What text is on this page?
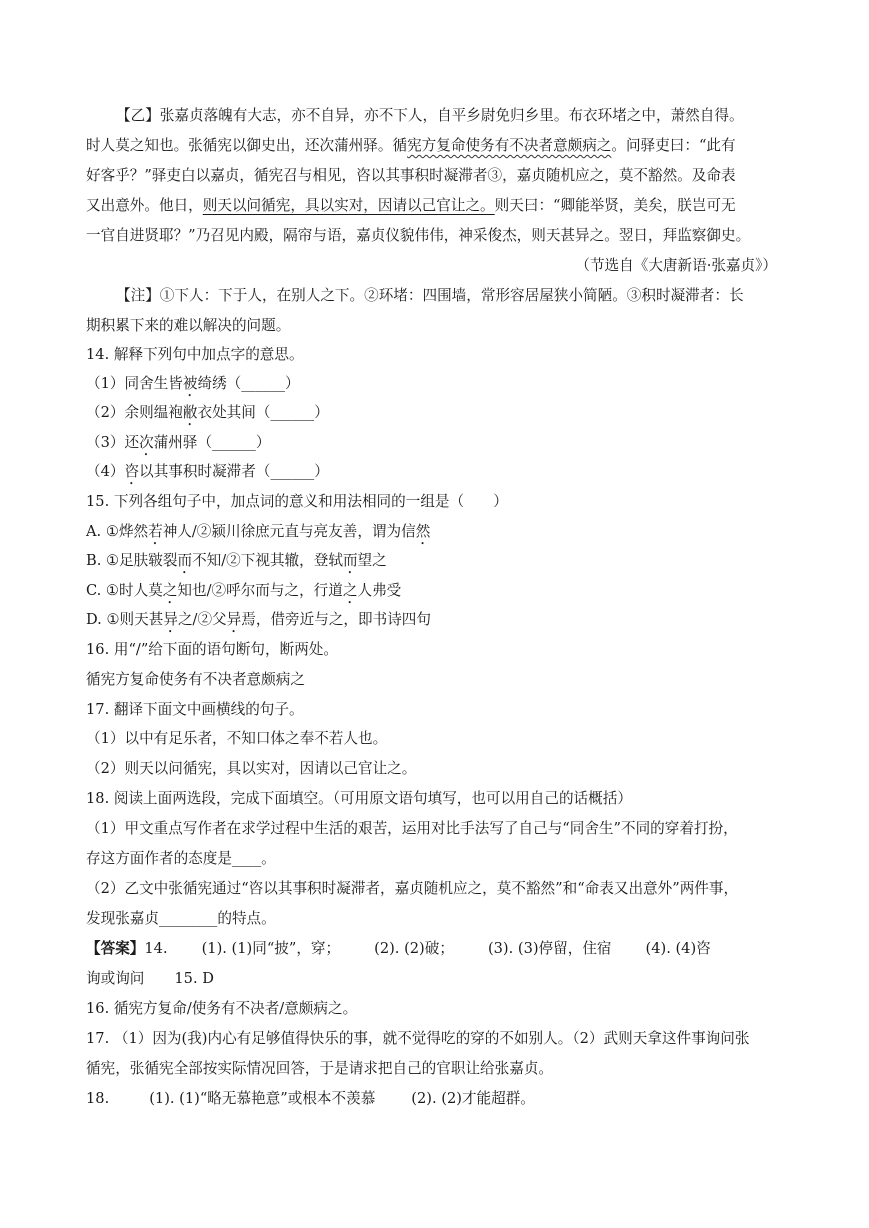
【乙】张嘉贞落魄有大志，亦不自异，亦不下人，自平乡尉免归乡里。布衣环堵之中，萧然自得。
时人莫之知也。张循宪以御史出，还次蒲州驿。循宪方复命使务有不决者意颇病之。问驿吏曰：“此有
好客乎？”驿吏白以嘉贞，循宪召与相见，咨以其事积时凝滞者③，嘉贞随机应之，莫不豁然。及命表
又出意外。他日，则天以问循宪，具以实对，因请以己官让之。则天曰：“卿能举贤，美矣，朕岂可无
一官自进贤耶？”乃召见内殿，隔帘与语，嘉贞仪貌伟伟，神采俊杰，则天甚异之。翌日，拜监察御史。
（节选自《大唐新语·张嘉贞》）
【注】①下人：下于人，在别人之下。②环堵：四围墙，常形容居屋狭小简陋。③积时凝滞者：长
期积累下来的难以解决的问题。
14. 解释下列句中加点字的意思。
（1）同舍生皆被绮绣（______）
（2）余则缊袍敝衣处其间（______）
（3）还次蒲州驿（______）
（4）咨以其事积时凝滞者（______）
15. 下列各组句子中，加点词的意义和用法相同的一组是（　　）
A. ①烨然若神人/②颍川徐庶元直与亮友善，谓为信然
B. ①足肤皲裂而不知/②下视其辙，登轼而望之
C. ①时人莫之知也/②呼尔而与之，行道之人弗受
D. ①则天甚异之/②父异焉，借旁近与之，即书诗四句
16. 用“/”给下面的语句断句，断两处。
循宪方复命使务有不决者意颇病之
17. 翻译下面文中画横线的句子。
（1）以中有足乐者，不知口体之奉不若人也。
（2）则天以问循宪，具以实对，因请以己官让之。
18. 阅读上面两选段，完成下面填空。（可用原文语句填写，也可以用自己的话概括）
（1）甲文重点写作者在求学过程中生活的艰苦，运用对比手法写了自己与“同舍生”不同的穿着打扮，
存这方面作者的态度是____。
（2）乙文中张循宪通过“咨以其事积时凝滞者，嘉贞随机应之，莫不豁然”和“命表又出意外”两件事，
发现张嘉贞________的特点。
【答案】14. (1). (1)同“披”，穿； (2). (2)破； (3). (3)停留，住宿 (4). (4)咨
询或询问 15. D
16. 循宪方复命/使务有不决者/意颇病之。
17. （1）因为(我)内心有足够值得快乐的事，就不觉得吃的穿的不如别人。（2）武则天拿这件事询问张
循宪，张循宪全部按实际情况回答，于是请求把自己的官职让给张嘉贞。
18.	(1). (1)“略无慕艳意”或根本不羡慕 (2). (2)才能超群。
